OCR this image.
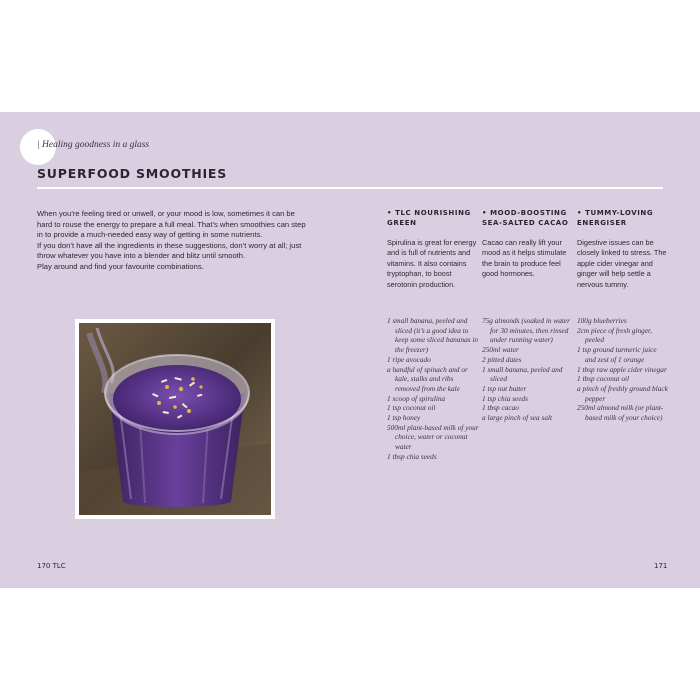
| Healing goodness in a glass
SUPERFOOD SMOOTHIES

When you’re feeling tired or unwell, or your mood is low, sometimes it can be hard to rouse the energy to prepare a full meal. That’s when smoothies can step in to provide a much-needed easy way of getting in some nutrients.

If you don’t have all the ingredients in these suggestions, don’t worry at all; just throw whatever you have into a blender and blitz until smooth.

Play around and find your favourite combinations.

• TLC NOURISHING GREEN
Spirulina is great for energy and is full of nutrients and vitamins. It also contains tryptophan, to boost serotonin production.
1 small banana, peeled and sliced (it’s a good idea to keep some sliced bananas in the freezer)
1 ripe avocado
a handful of spinach and or kale, stalks and ribs removed from the kale
1 scoop of spirulina
1 tsp coconut oil
1 tsp honey
500ml plant-based milk of your choice, water or coconut water
1 tbsp chia seeds
• MOOD-BOOSTING SEA-SALTED CACAO
Cacao can really lift your mood as it helps stimulate the brain to produce feel good hormones.
75g almonds (soaked in water for 30 minutes, then rinsed under running water)
250ml water
2 pitted dates
1 small banana, peeled and sliced
1 tsp nut butter
1 tsp chia seeds
1 tbsp cacao
a large pinch of sea salt
• TUMMY-LOVING ENERGISER
Digestive issues can be closely linked to stress. The apple cider vinegar and ginger will help settle a nervous tummy.
100g blueberries
2cm piece of fresh ginger, peeled
1 tsp ground turmeric juice and zest of 1 orange
1 tbsp raw apple cider vinegar
1 tbsp coconut oil
a pinch of freshly ground black pepper
250ml almond milk (or plant-based milk of your choice)
170 TLC	171
